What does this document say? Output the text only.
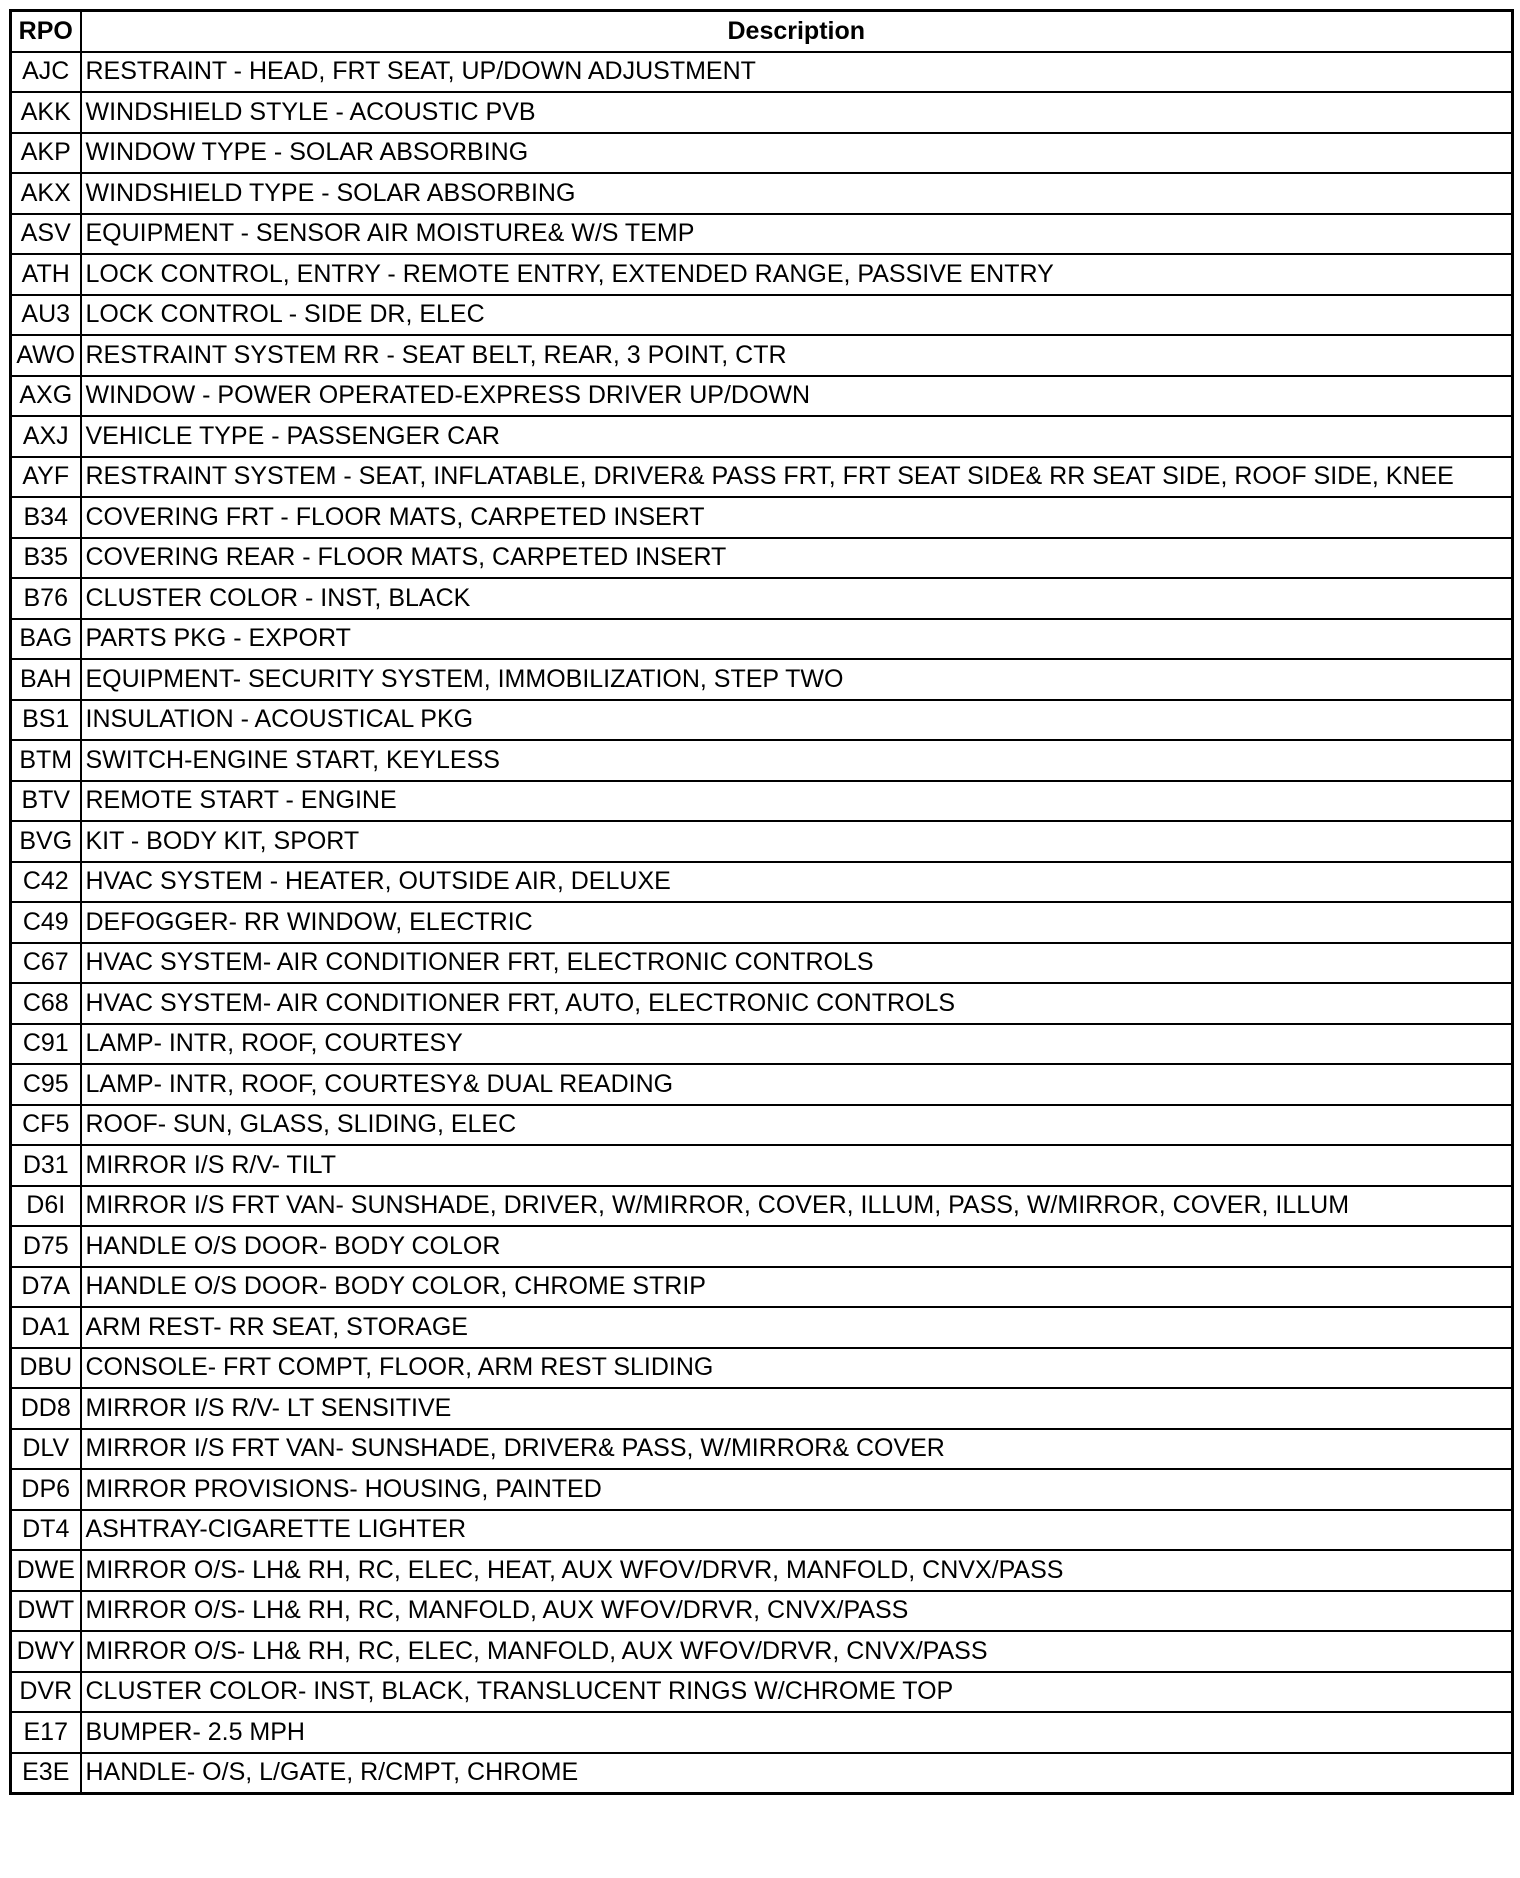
RPO	Description
AJC	RESTRAINT - HEAD, FRT SEAT, UP/DOWN ADJUSTMENT
AKK	WINDSHIELD STYLE - ACOUSTIC PVB
AKP	WINDOW TYPE - SOLAR ABSORBING
AKX	WINDSHIELD TYPE - SOLAR ABSORBING
ASV	EQUIPMENT - SENSOR AIR MOISTURE& W/S TEMP
ATH	LOCK CONTROL, ENTRY - REMOTE ENTRY, EXTENDED RANGE, PASSIVE ENTRY
AU3	LOCK CONTROL - SIDE DR, ELEC
AWO	RESTRAINT SYSTEM RR - SEAT BELT, REAR, 3 POINT, CTR
AXG	WINDOW - POWER OPERATED-EXPRESS DRIVER UP/DOWN
AXJ	VEHICLE TYPE - PASSENGER CAR
AYF	RESTRAINT SYSTEM - SEAT, INFLATABLE, DRIVER& PASS FRT, FRT SEAT SIDE& RR SEAT SIDE, ROOF SIDE, KNEE
B34	COVERING FRT - FLOOR MATS, CARPETED INSERT
B35	COVERING REAR - FLOOR MATS, CARPETED INSERT
B76	CLUSTER COLOR - INST, BLACK
BAG	PARTS PKG - EXPORT
BAH	EQUIPMENT- SECURITY SYSTEM, IMMOBILIZATION, STEP TWO
BS1	INSULATION - ACOUSTICAL PKG
BTM	SWITCH-ENGINE START, KEYLESS
BTV	REMOTE START - ENGINE
BVG	KIT - BODY KIT, SPORT
C42	HVAC SYSTEM - HEATER, OUTSIDE AIR, DELUXE
C49	DEFOGGER- RR WINDOW, ELECTRIC
C67	HVAC SYSTEM- AIR CONDITIONER FRT, ELECTRONIC CONTROLS
C68	HVAC SYSTEM- AIR CONDITIONER FRT, AUTO, ELECTRONIC CONTROLS
C91	LAMP- INTR, ROOF, COURTESY
C95	LAMP- INTR, ROOF, COURTESY& DUAL READING
CF5	ROOF- SUN, GLASS, SLIDING, ELEC
D31	MIRROR I/S R/V- TILT
D6I	MIRROR I/S FRT VAN- SUNSHADE, DRIVER, W/MIRROR, COVER, ILLUM, PASS, W/MIRROR, COVER, ILLUM
D75	HANDLE O/S DOOR- BODY COLOR
D7A	HANDLE O/S DOOR- BODY COLOR, CHROME STRIP
DA1	ARM REST- RR SEAT, STORAGE
DBU	CONSOLE- FRT COMPT, FLOOR, ARM REST SLIDING
DD8	MIRROR I/S R/V- LT SENSITIVE
DLV	MIRROR I/S FRT VAN- SUNSHADE, DRIVER& PASS, W/MIRROR& COVER
DP6	MIRROR PROVISIONS- HOUSING, PAINTED
DT4	ASHTRAY-CIGARETTE LIGHTER
DWE	MIRROR O/S- LH& RH, RC, ELEC, HEAT, AUX WFOV/DRVR, MANFOLD, CNVX/PASS
DWT	MIRROR O/S- LH& RH, RC, MANFOLD, AUX WFOV/DRVR, CNVX/PASS
DWY	MIRROR O/S- LH& RH, RC, ELEC, MANFOLD, AUX WFOV/DRVR, CNVX/PASS
DVR	CLUSTER COLOR- INST, BLACK, TRANSLUCENT RINGS W/CHROME TOP
E17	BUMPER- 2.5 MPH
E3E	HANDLE- O/S, L/GATE, R/CMPT, CHROME
